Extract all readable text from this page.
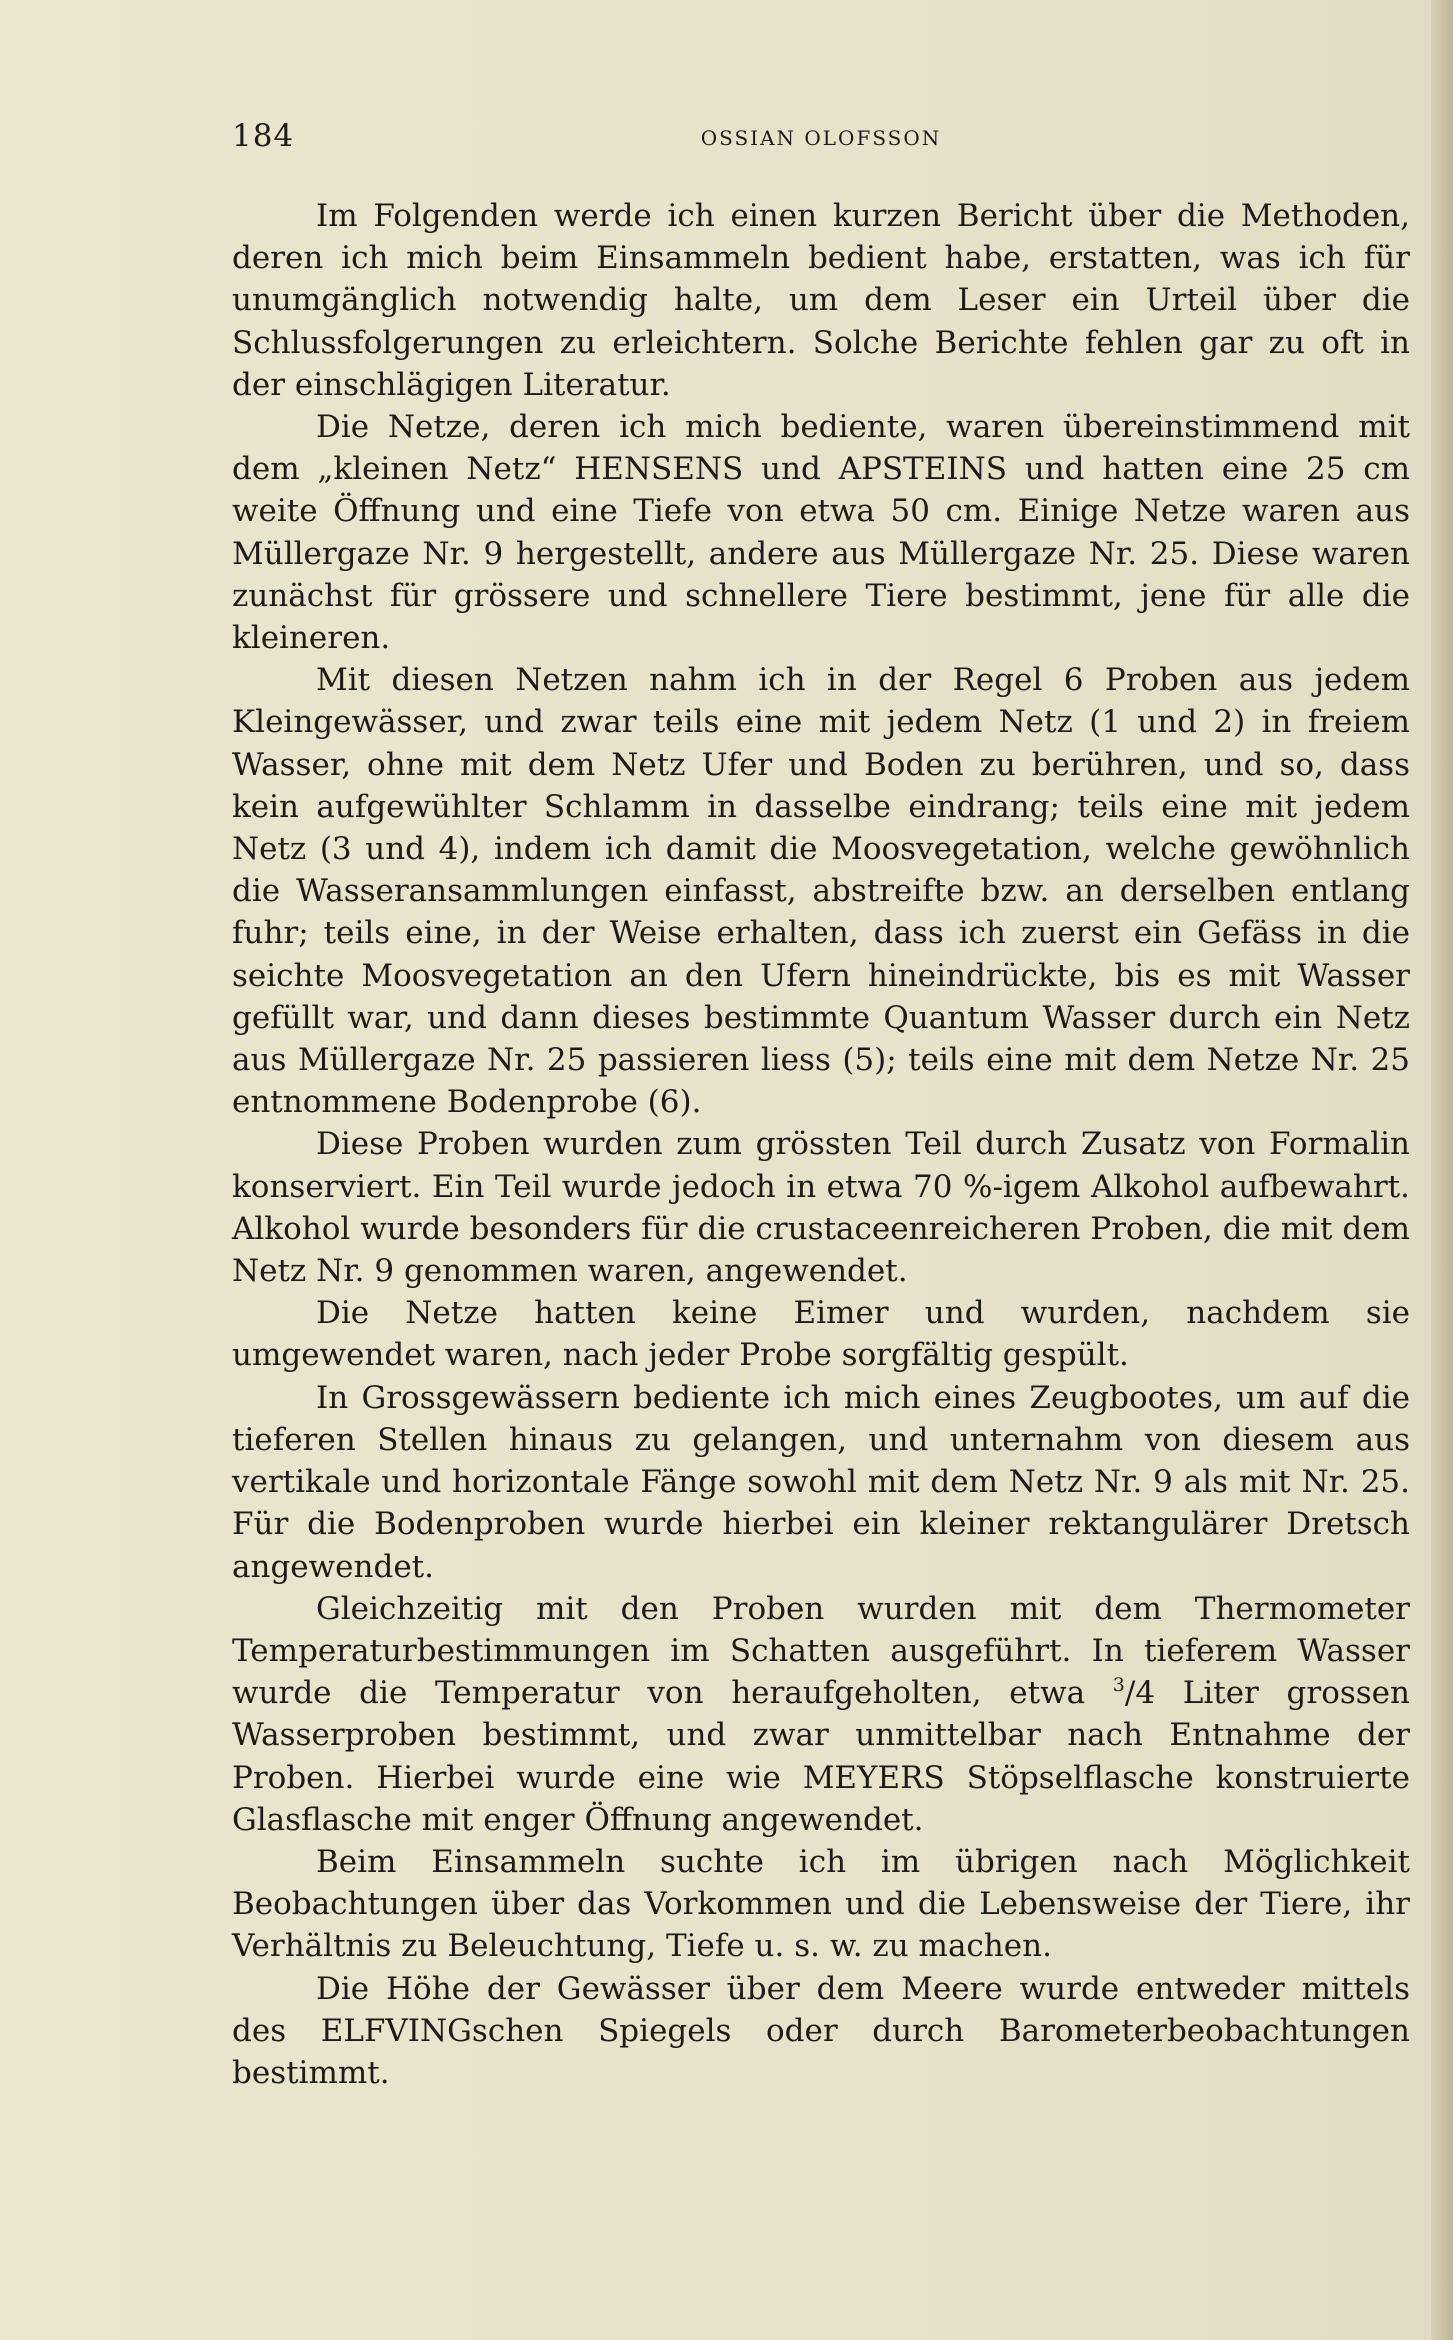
184	OSSIAN OLOFSSON

Im Folgenden werde ich einen kurzen Bericht über die Methoden, deren ich mich beim Einsammeln bedient habe, erstatten, was ich für unumgänglich notwendig halte, um dem Leser ein Urteil über die Schlussfolgerungen zu erleichtern. Solche Berichte fehlen gar zu oft in der einschlägigen Literatur.

Die Netze, deren ich mich bediente, waren übereinstimmend mit dem „kleinen Netz“ HENSENS und APSTEINS und hatten eine 25 cm weite Öffnung und eine Tiefe von etwa 50 cm. Einige Netze waren aus Müllergaze Nr. 9 hergestellt, andere aus Müllergaze Nr. 25. Diese waren zunächst für grössere und schnellere Tiere bestimmt, jene für alle die kleineren.

Mit diesen Netzen nahm ich in der Regel 6 Proben aus jedem Kleingewässer, und zwar teils eine mit jedem Netz (1 und 2) in freiem Wasser, ohne mit dem Netz Ufer und Boden zu berühren, und so, dass kein aufgewühlter Schlamm in dasselbe eindrang; teils eine mit jedem Netz (3 und 4), indem ich damit die Moosvegetation, welche gewöhnlich die Wasseransammlungen einfasst, abstreifte bzw. an derselben entlang fuhr; teils eine, in der Weise erhalten, dass ich zuerst ein Gefäss in die seichte Moosvegetation an den Ufern hineindrückte, bis es mit Wasser gefüllt war, und dann dieses bestimmte Quantum Wasser durch ein Netz aus Müllergaze Nr. 25 passieren liess (5); teils eine mit dem Netze Nr. 25 entnommene Bodenprobe (6).

Diese Proben wurden zum grössten Teil durch Zusatz von Formalin konserviert. Ein Teil wurde jedoch in etwa 70 %-igem Alkohol aufbewahrt. Alkohol wurde besonders für die crustaceenreicheren Proben, die mit dem Netz Nr. 9 genommen waren, angewendet.

Die Netze hatten keine Eimer und wurden, nachdem sie umgewendet waren, nach jeder Probe sorgfältig gespült.

In Grossgewässern bediente ich mich eines Zeugbootes, um auf die tieferen Stellen hinaus zu gelangen, und unternahm von diesem aus vertikale und horizontale Fänge sowohl mit dem Netz Nr. 9 als mit Nr. 25. Für die Bodenproben wurde hierbei ein kleiner rektangulärer Dretsch angewendet.

Gleichzeitig mit den Proben wurden mit dem Thermometer Temperaturbestimmungen im Schatten ausgeführt. In tieferem Wasser wurde die Temperatur von heraufgeholten, etwa $^3$/4 Liter grossen Wasserproben bestimmt, und zwar unmittelbar nach Entnahme der Proben. Hierbei wurde eine wie MEYERS Stöpselflasche konstruierte Glasflasche mit enger Öffnung angewendet.

Beim Einsammeln suchte ich im übrigen nach Möglichkeit Beobachtungen über das Vorkommen und die Lebensweise der Tiere, ihr Verhältnis zu Beleuchtung, Tiefe u. s. w. zu machen.

Die Höhe der Gewässer über dem Meere wurde entweder mittels des ELFVINGschen Spiegels oder durch Barometerbeobachtungen bestimmt.
